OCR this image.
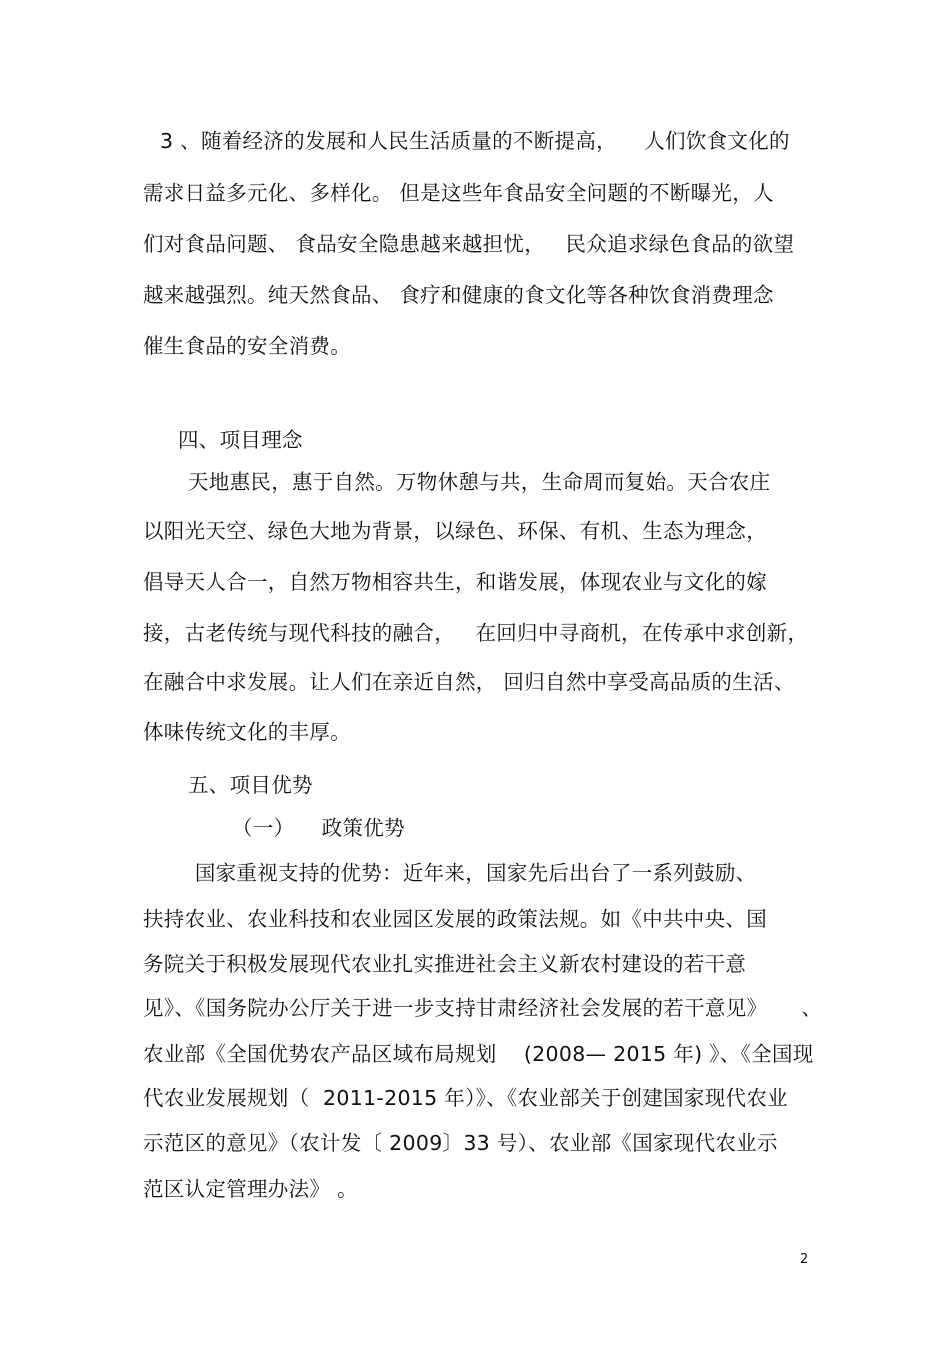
3 、随着经济的发展和人民生活质量的不断提高，    人们饮食文化的
需求日益多元化、多样化。 但是这些年食品安全问题的不断曝光，人
们对食品问题、 食品安全隐患越来越担忧，   民众追求绿色食品的欲望
越来越强烈。纯天然食品、 食疗和健康的食文化等各种饮食消费理念
催生食品的安全消费。
四、项目理念
天地惠民，惠于自然。万物休憩与共，生命周而复始。天合农庄
以阳光天空、绿色大地为背景，以绿色、环保、有机、生态为理念，
倡导天人合一，自然万物相容共生，和谐发展，体现农业与文化的嫁
接，古老传统与现代科技的融合，   在回归中寻商机，在传承中求创新，
在融合中求发展。让人们在亲近自然， 回归自然中享受高品质的生活、
体味传统文化的丰厚。
五、项目优势
（一）    政策优势
国家重视支持的优势：近年来，国家先后出台了一系列鼓励、
扶持农业、农业科技和农业园区发展的政策法规。如《中共中央、国
务院关于积极发展现代农业扎实推进社会主义新农村建设的若干意
见》、《国务院办公厅关于进一步支持甘肃经济社会发展的若干意见》     、
农业部《全国优势农产品区域布局规划    (2008— 2015 年) 》、《全国现
代农业发展规划（  2011-2015 年）》、《农业部关于创建国家现代农业
示范区的意见》（农计发〔 2009〕33 号）、农业部《国家现代农业示
范区认定管理办法》 。
2
